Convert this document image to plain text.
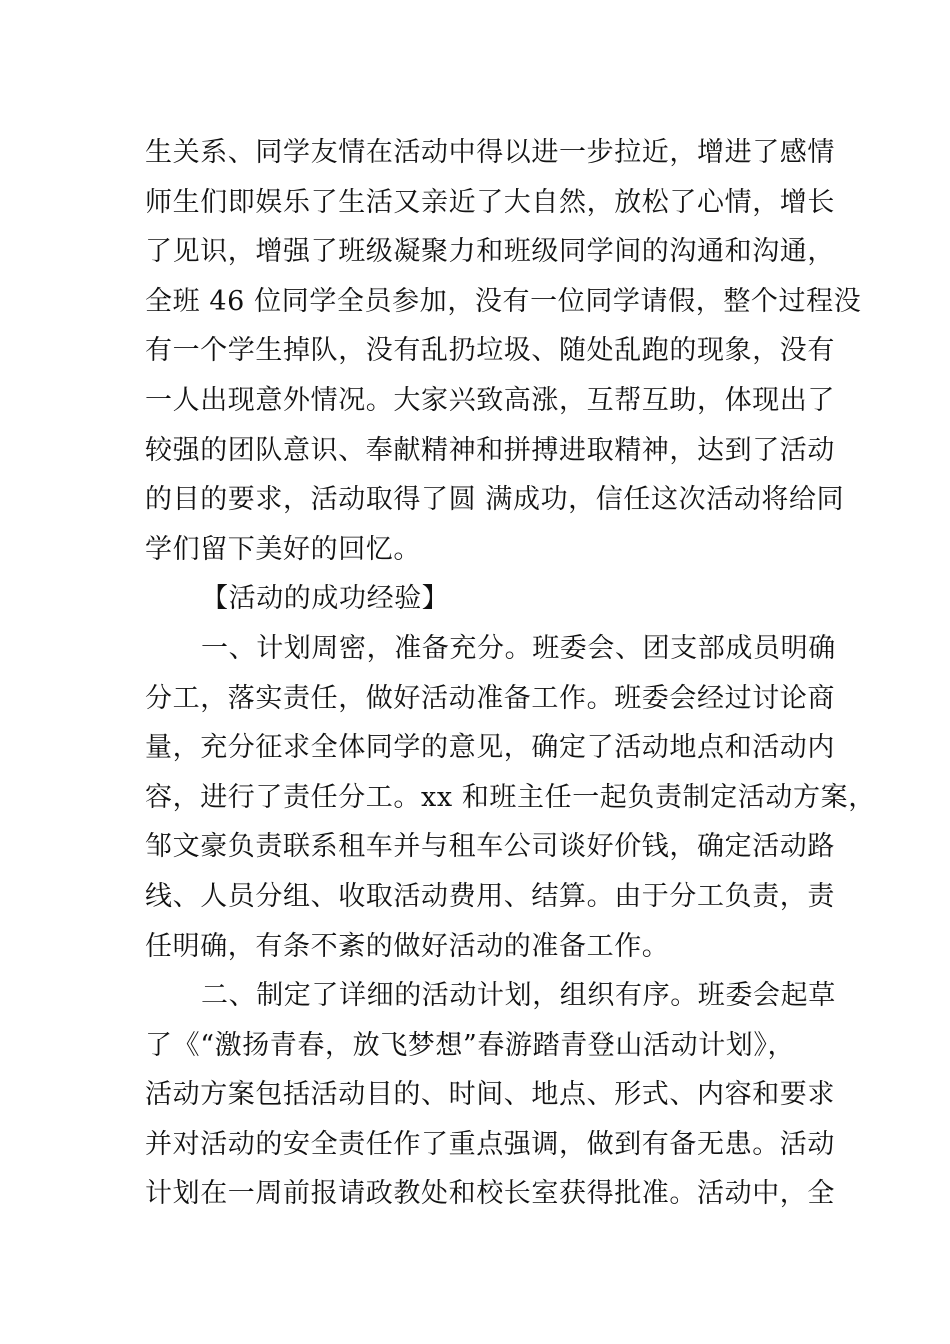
生关系、同学友情在活动中得以进一步拉近，增进了感情
师生们即娱乐了生活又亲近了大自然，放松了心情，增长
了见识，增强了班级凝聚力和班级同学间的沟通和沟通，
全班 46 位同学全员参加，没有一位同学请假，整个过程没
有一个学生掉队，没有乱扔垃圾、随处乱跑的现象，没有
一人出现意外情况。大家兴致高涨，互帮互助，体现出了
较强的团队意识、奉献精神和拼搏进取精神，达到了活动
的目的要求，活动取得了圆 满成功，信任这次活动将给同
学们留下美好的回忆。
【活动的成功经验】
一、计划周密，准备充分。班委会、团支部成员明确
分工，落实责任，做好活动准备工作。班委会经过讨论商
量，充分征求全体同学的意见，确定了活动地点和活动内
容，进行了责任分工。xx 和班主任一起负责制定活动方案，
邹文豪负责联系租车并与租车公司谈好价钱，确定活动路
线、人员分组、收取活动费用、结算。由于分工负责，责
任明确，有条不紊的做好活动的准备工作。
二、制定了详细的活动计划，组织有序。班委会起草
了《“激扬青春，放飞梦想”春游踏青登山活动计划》，
活动方案包括活动目的、时间、地点、形式、内容和要求
并对活动的安全责任作了重点强调，做到有备无患。活动
计划在一周前报请政教处和校长室获得批准。活动中，全
